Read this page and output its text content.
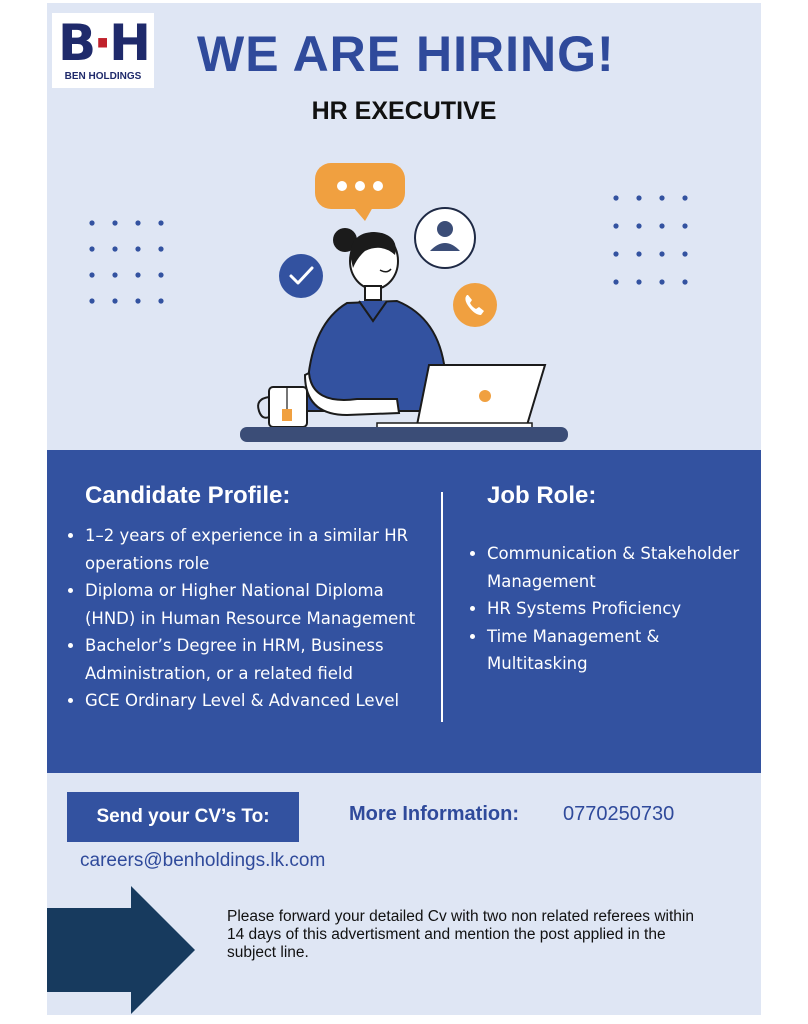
B·H
BEN HOLDINGS WE ARE HIRING!
HR EXECUTIVE
Candidate Profile:
• 1–2 years of experience in a similar HR operations role
• Diploma or Higher National Diploma (HND) in Human Resource Management
• Bachelor’s Degree in HRM, Business Administration, or a related field
• GCE Ordinary Level & Advanced Level
Job Role:
• Communication & Stakeholder Management
• HR Systems Proficiency
• Time Management & Multitasking
Send your CV’s To:	More Information: 0770250730
careers@benholdings.lk.com
Please forward your detailed Cv with two non related referees within 14 days of this advertisment and mention the post applied in the subject line.
